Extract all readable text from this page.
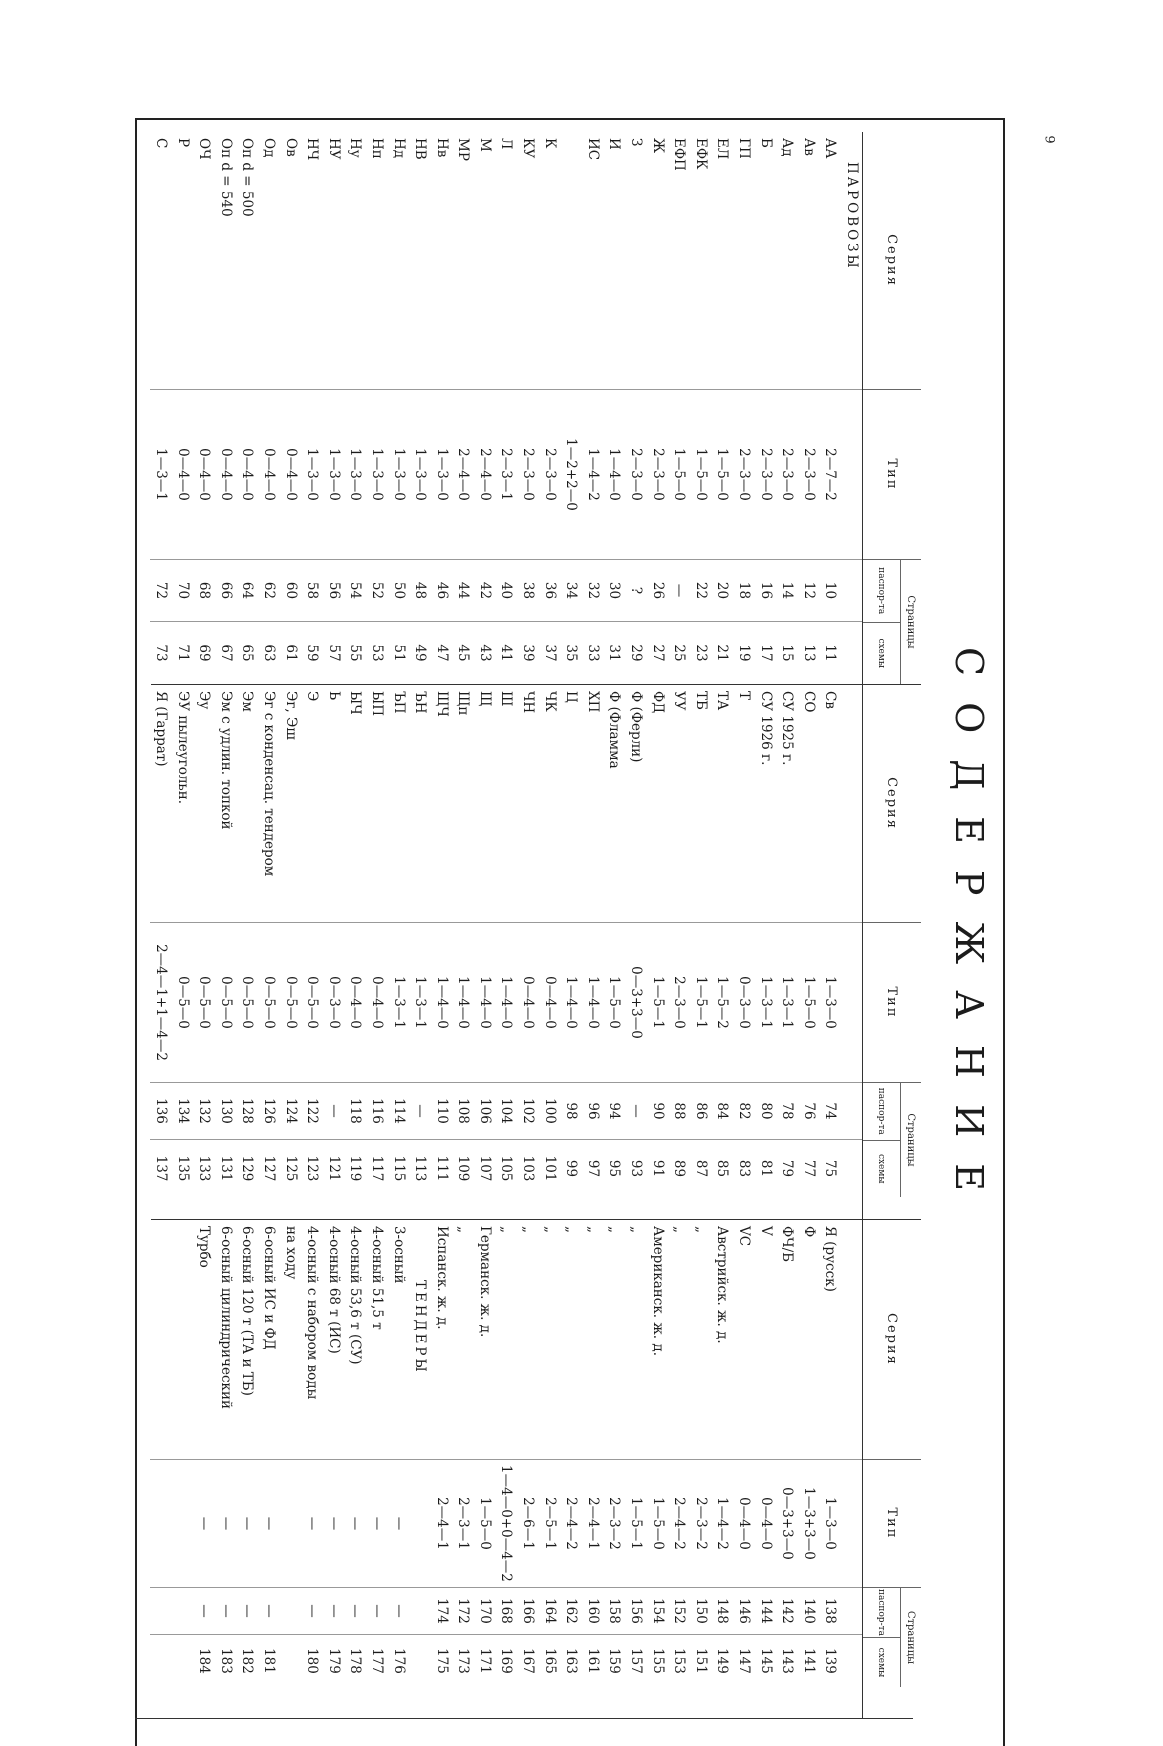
9
СОДЕРЖАНИЕ
Серия
Тип
Страницы
паспор-та
схемы
ПАРОВОЗЫ
АА
Ав
Ад
Б
ГП
ЕЛ
ЕФК
ЕФП
Ж
З
И
ИС
К
КУ
Л
М
МР
Нв
НВ
Нд
Нп
Ну
НУ
НЧ
Ов
Од
Оп d = 500
Оп d = 540
ОЧ
Р
С
2—7—2
2—3—0
2—3—0
2—3—0
2—3—0
1—5—0
1—5—0
1—5—0
2—3—0
2—3—0
1—4—0
1—4—2
1—2+2—0
2—3—0
2—3—0
2—3—1
2—4—0
2—4—0
1—3—0
1—3—0
1—3—0
1—3—0
1—3—0
1—3—0
1—3—0
0—4—0
0—4—0
0—4—0
0—4—0
0—4—0
0—4—0
1—3—1
10
12
14
16
18
20
22
—
26
?
30
32
34
36
38
40
42
44
46
48
50
52
54
56
58
60
62
64
66
68
70
72
11
13
15
17
19
21
23
25
27
29
31
33
35
37
39
41
43
45
47
49
51
53
55
57
59
61
63
65
67
69
71
73
Серия
Тип
Страницы
паспор-та
схемы
Св
СО
СУ 1925 г.
СУ 1926 г.
Т
ТА
ТБ
УУ
ФД
Ф (Ферли)
Ф (Фламма
ХП
Ц
ЧК
ЧН
Ш
Щ
Щп
ЩЧ
ЪН
ЪП
ЫП
ЫЧ
Ь
Э
Эг, Эш
Эг с конденсац. тендером
Эм
Эм с удлин. топкой
Эу
ЭУ пылеугольн.
Я (Гаррат)
1—3—0
1—5—0
1—3—1
1—3—1
0—3—0
1—5—2
1—5—1
2—3—0
1—5—1
0—3+3—0
1—5—0
1—4—0
1—4—0
0—4—0
0—4—0
1—4—0
1—4—0
1—4—0
1—4—0
1—3—1
1—3—1
0—4—0
0—4—0
0—3—0
0—5—0
0—5—0
0—5—0
0—5—0
0—5—0
0—5—0
0—5—0
2—4—1+1—4—2
74
76
78
80
82
84
86
88
90
—
94
96
98
100
102
104
106
108
110
—
114
116
118
—
122
124
126
128
130
132
134
136
75
77
79
81
83
85
87
89
91
93
95
97
99
101
103
105
107
109
111
113
115
117
119
121
123
125
127
129
131
133
135
137
Серия
Тип
Страницы
паспор-та
схемы
Я (русск)
Ф
ФЧ/Б
V
VC
Австрийск. ж. д.
„
„
Американск. ж. д.
„
„
„
„
„
„
„
Германск. ж. д.
„
Испанск. ж. д.
ТЕНДЕРЫ
3-осный
4-осный 51,5 т
4-осный 53,6 т (СУ)
4-осный 68 т (ИС)
4-осный с набором воды
на ходу
6-осный ИС и ФД
6-осный 120 т (ТА и ТБ)
6-осный цилиндрический
Турбо
1—3—0
1—3+3—0
0—3+3—0
0—4—0
0—4—0
1—4—2
2—3—2
2—4—2
1—5—0
1—5—1
2—3—2
2—4—1
2—4—2
2—5—1
2—6—1
1—4—0+0—4—2
1—5—0
2—3—1
2—4—1
—
—
—
—
—
—
—
—
—
138
140
142
144
146
148
150
152
154
156
158
160
162
164
166
168
170
172
174
—
—
—
—
—
—
—
—
—
139
141
143
145
147
149
151
153
155
157
159
161
163
165
167
169
171
173
175
176
177
178
179
180
181
182
183
184
